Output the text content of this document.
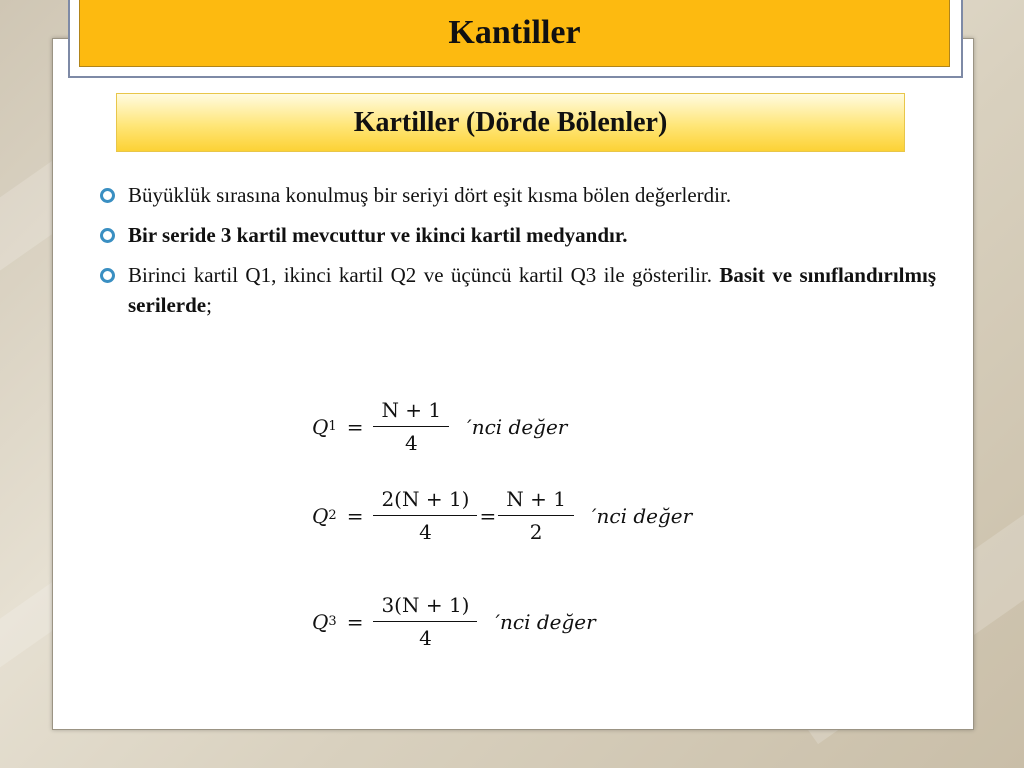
Kantiller
Kartiller (Dörde Bölenler)
Büyüklük sırasına konulmuş bir seriyi dört eşit kısma bölen değerlerdir.
Bir seride 3 kartil mevcuttur ve ikinci kartil medyandır.
Birinci kartil Q1, ikinci kartil Q2 ve üçüncü kartil Q3 ile gösterilir. Basit ve sınıflandırılmış serilerde;
Q $1 = \frac{N + 1}{4} 'nci$ değer
Q $2 = \frac{2(N + 1)}{4} = \frac{N + 1}{2} 'nci$ değer
Q $3 = \frac{3(N + 1)}{4} 'nci$ değer
